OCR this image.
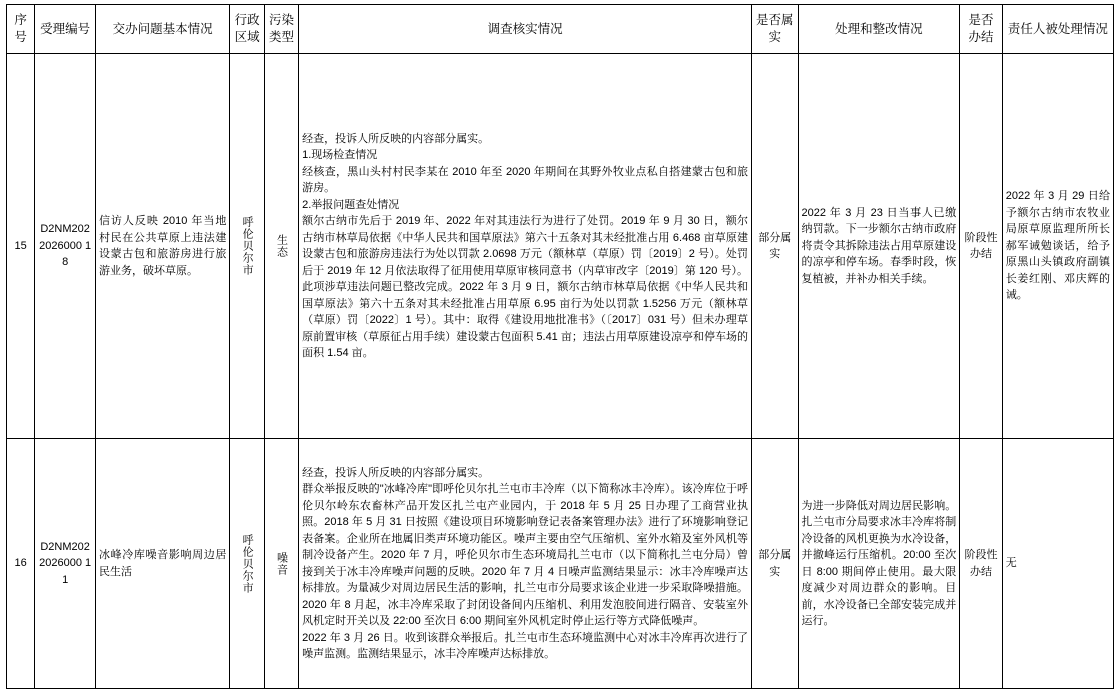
序号	受理编号	交办问题基本情况	行政区域	污染类型	调查核实情况	是否属实	处理和整改情况	是否办结	责任人被处理情况
15	D2NM2022026000 18	信访人反映 2010 年当地村民在公共草原上违法建设蒙古包和旅游房进行旅游业务，破坏草原。	呼伦贝尔市	生态	经查，投诉人所反映的内容部分属实。

1.现场检查情况

经核查，黑山头村村民李某在 2010 年至 2020 年期间在其野外牧业点私自搭建蒙古包和旅游房。

2.举报问题查处情况

额尔古纳市先后于 2019 年、2022 年对其违法行为进行了处罚。2019 年 9 月 30 日，额尔古纳市林草局依据《中华人民共和国草原法》第六十五条对其未经批准占用 6.468 亩草原建设蒙古包和旅游房违法行为处以罚款 2.0698 万元（额林草（草原）罚〔2019〕2 号）。处罚后于 2019 年 12 月依法取得了征用使用草原审核同意书（内草审改字〔2019〕第 120 号）。此项涉草违法问题已整改完成。2022 年 3 月 9 日，额尔古纳市林草局依据《中华人民共和国草原法》第六十五条对其未经批准占用草原 6.95 亩行为处以罚款 1.5256 万元（额林草（草原）罚〔2022〕1 号）。其中：取得《建设用地批准书》（〔2017〕031 号）但未办理草原前置审核（草原征占用手续）建设蒙古包面积 5.41 亩；违法占用草原建设凉亭和停车场的面积 1.54 亩。	部分属实	2022 年 3 月 23 日当事人已缴纳罚款。下一步额尔古纳市政府将责令其拆除违法占用草原建设的凉亭和停车场。春季时段，恢复植被，并补办相关手续。	阶段性办结	2022 年 3 月 29 日给予额尔古纳市农牧业局原草原监理所所长郝军诫勉谈话，给予原黑山头镇政府副镇长姜红刚、邓庆辉的诫。
16	D2NM2022026000 11	冰峰冷库噪音影响周边居民生活	呼伦贝尔市	噪音	经查，投诉人所反映的内容部分属实。

群众举报反映的"冰峰冷库"即呼伦贝尔扎兰屯市丰冷库（以下简称冰丰冷库）。该冷库位于呼伦贝尔岭东农畜林产品开发区扎兰屯产业园内，于 2018 年 5 月 25 日办理了工商营业执照。2018 年 5 月 31 日按照《建设项目环境影响登记表备案管理办法》进行了环境影响登记表备案。企业所在地属旧类声环境功能区。噪声主要由空气压缩机、室外水箱及室外风机等制冷设备产生。2020 年 7 月，呼伦贝尔市生态环境局扎兰屯市（以下简称扎兰屯分局）曾接到关于冰丰冷库噪声问题的反映。2020 年 7 月 4 日噪声监测结果显示：冰丰冷库噪声达标排放。为量减少对周边居民生活的影响，扎兰屯市分局要求该企业进一步采取降噪措施。2020 年 8 月起，冰丰冷库采取了封闭设备间内压缩机、利用发泡胶间进行隔音、安装室外风机定时开关以及 22:00 至次日 6:00 期间室外风机定时停止运行等方式降低噪声。

2022 年 3 月 26 日。收到该群众举报后。扎兰屯市生态环境监测中心对冰丰冷库再次进行了噪声监测。监测结果显示，冰丰冷库噪声达标排放。	部分属实	为进一步降低对周边居民影响。扎兰屯市分局要求冰丰冷库将制冷设备的风机更换为水冷设备，并撤峰运行压缩机。20:00 至次日 8:00 期间停止使用。最大限度减少对周边群众的影响。目前，水冷设备已全部安装完成并运行。	阶段性办结	无
